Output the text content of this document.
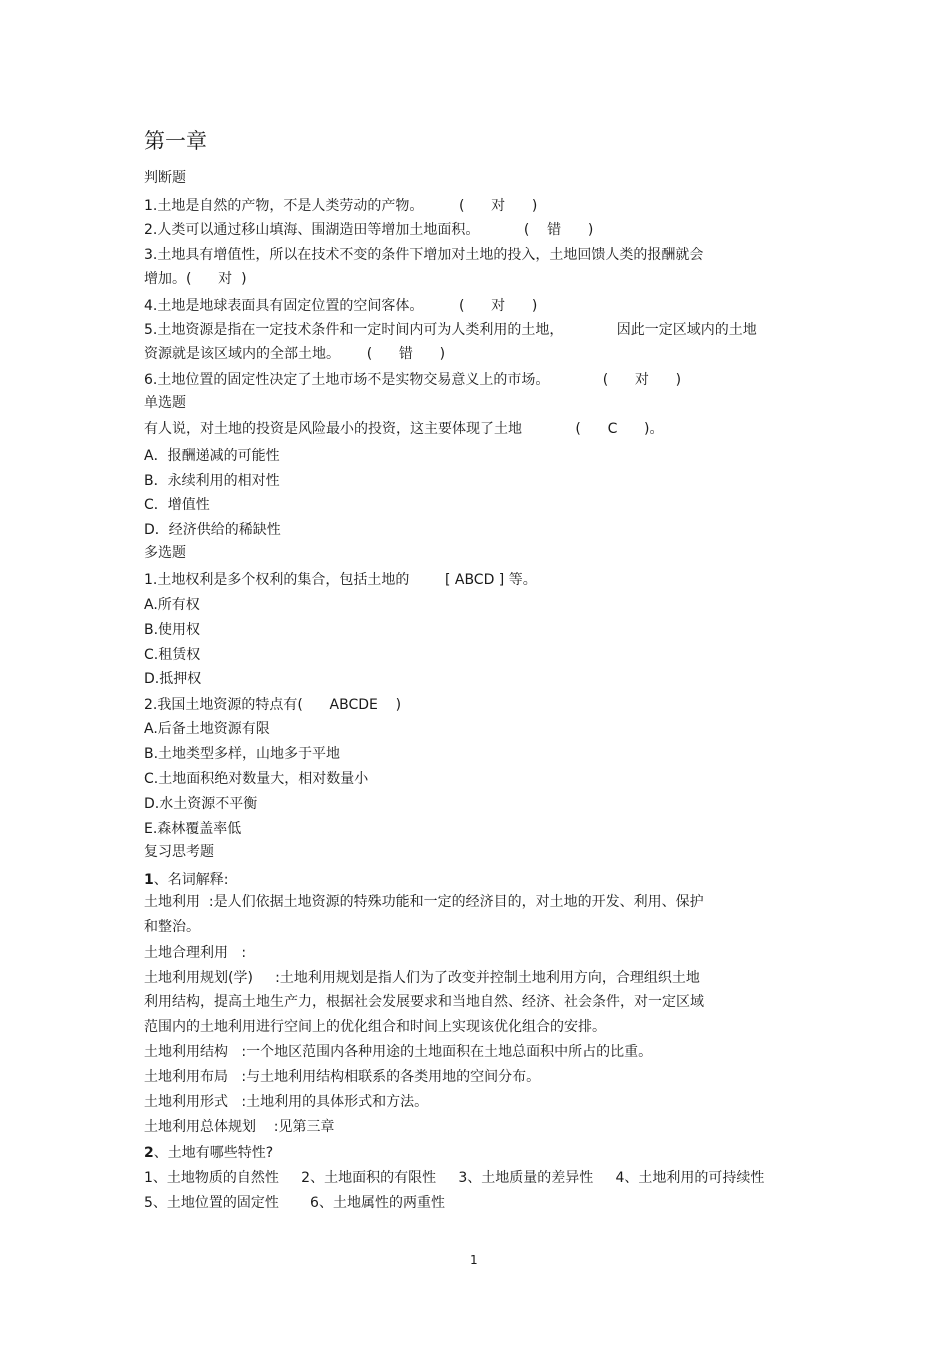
第一章
判断题
1.土地是自然的产物，不是人类劳动的产物。        (      对      )
2.人类可以通过移山填海、围湖造田等增加土地面积。          (    错      )
3.土地具有增值性，所以在技术不变的条件下增加对土地的投入，土地回馈人类的报酬就会
增加。(      对  )
4.土地是地球表面具有固定位置的空间客体。        (      对      )
5.土地资源是指在一定技术条件和一定时间内可为人类利用的土地，            因此一定区域内的土地
资源就是该区域内的全部土地。      (      错      )
6.土地位置的固定性决定了土地市场不是实物交易意义上的市场。            (      对      )
单选题
有人说，对土地的投资是风险最小的投资，这主要体现了土地            (      C      )。
A．报酬递减的可能性
B．永续利用的相对性
C．增值性
D．经济供给的稀缺性
多选题
1.土地权利是多个权利的集合，包括土地的        [ ABCD ] 等。
A.所有权
B.使用权
C.租赁权
D.抵押权
2.我国土地资源的特点有(      ABCDE    )
A.后备土地资源有限
B.土地类型多样，山地多于平地
C.土地面积绝对数量大，相对数量小
D.水土资源不平衡
E.森林覆盖率低
复习思考题
1、名词解释:
土地利用  :是人们依据土地资源的特殊功能和一定的经济目的，对土地的开发、利用、保护
和整治。
土地合理利用   :
土地利用规划(学)     :土地利用规划是指人们为了改变并控制土地利用方向，合理组织土地
利用结构，提高土地生产力，根据社会发展要求和当地自然、经济、社会条件，对一定区域
范围内的土地利用进行空间上的优化组合和时间上实现该优化组合的安排。
土地利用结构   :一个地区范围内各种用途的土地面积在土地总面积中所占的比重。
土地利用布局   :与土地利用结构相联系的各类用地的空间分布。
土地利用形式   :土地利用的具体形式和方法。
土地利用总体规划    :见第三章
2、土地有哪些特性?
1、土地物质的自然性     2、土地面积的有限性     3、土地质量的差异性     4、土地利用的可持续性
5、土地位置的固定性       6、土地属性的两重性
1
